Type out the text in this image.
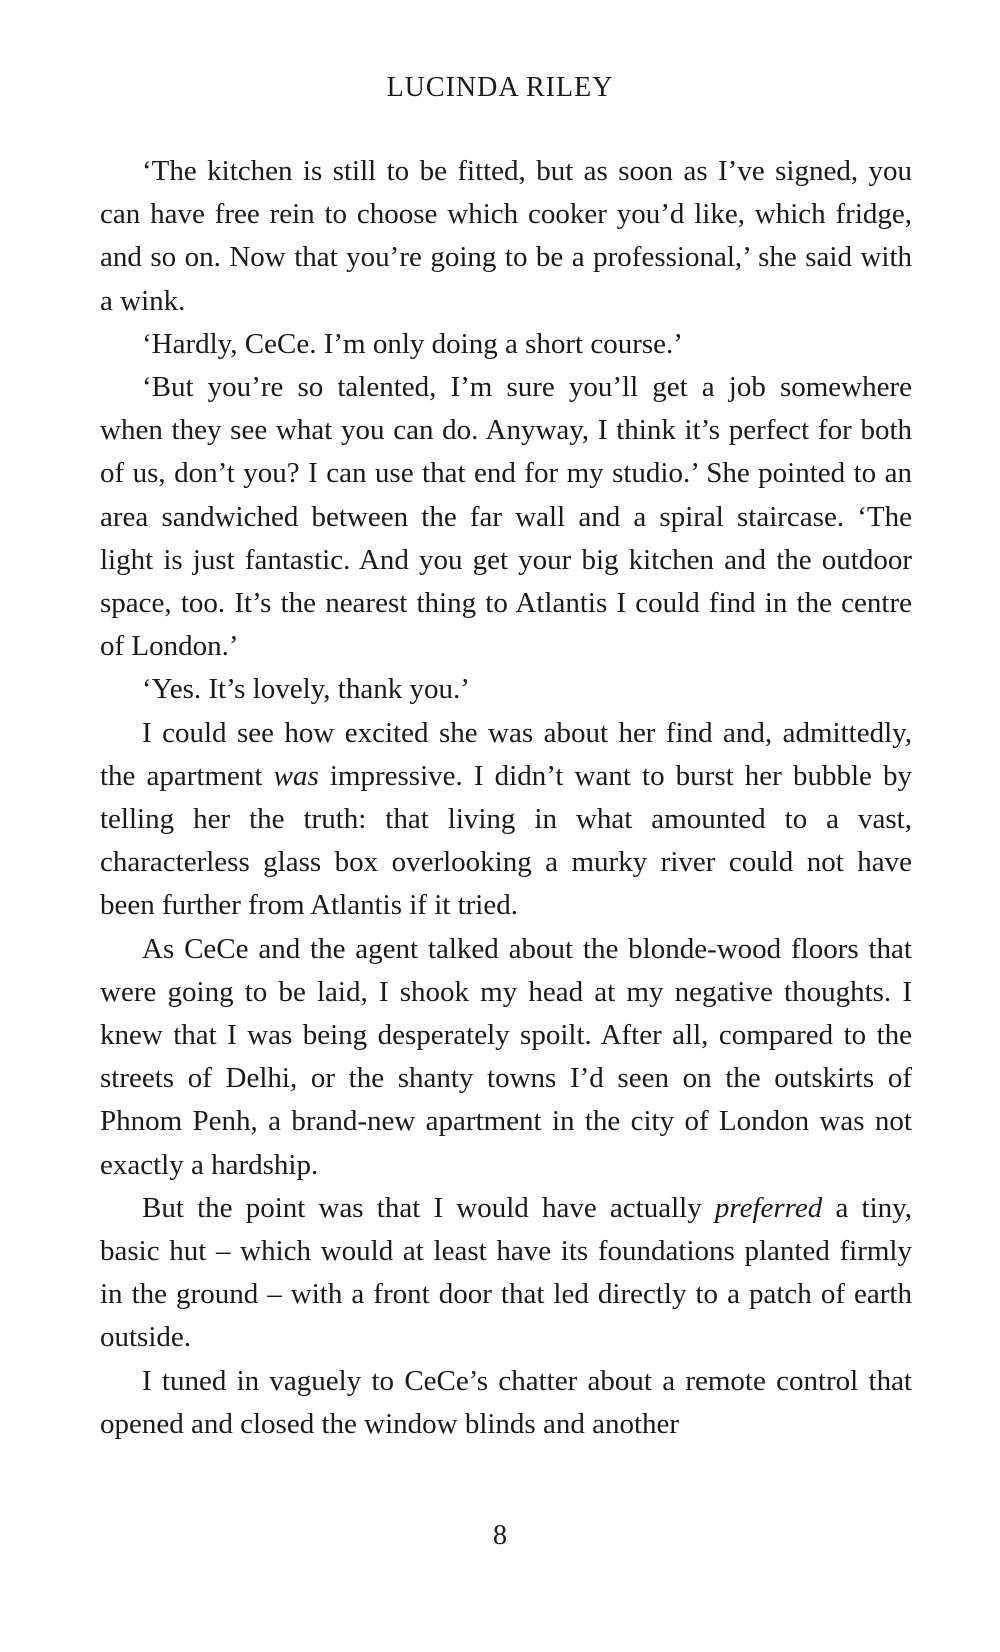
LUCINDA RILEY

‘The kitchen is still to be fitted, but as soon as I’ve signed, you can have free rein to choose which cooker you’d like, which fridge, and so on. Now that you’re going to be a professional,’ she said with a wink.

‘Hardly, CeCe. I’m only doing a short course.’

‘But you’re so talented, I’m sure you’ll get a job somewhere when they see what you can do. Anyway, I think it’s perfect for both of us, don’t you? I can use that end for my studio.’ She pointed to an area sandwiched between the far wall and a spiral staircase. ‘The light is just fantastic. And you get your big kitchen and the outdoor space, too. It’s the nearest thing to Atlantis I could find in the centre of London.’

‘Yes. It’s lovely, thank you.’

I could see how excited she was about her find and, admittedly, the apartment was impressive. I didn’t want to burst her bubble by telling her the truth: that living in what amounted to a vast, characterless glass box overlooking a murky river could not have been further from Atlantis if it tried.

As CeCe and the agent talked about the blonde-wood floors that were going to be laid, I shook my head at my negative thoughts. I knew that I was being desperately spoilt. After all, compared to the streets of Delhi, or the shanty towns I’d seen on the outskirts of Phnom Penh, a brand-new apartment in the city of London was not exactly a hardship.

But the point was that I would have actually preferred a tiny, basic hut – which would at least have its foundations planted firmly in the ground – with a front door that led directly to a patch of earth outside.

I tuned in vaguely to CeCe’s chatter about a remote control that opened and closed the window blinds and another

8
